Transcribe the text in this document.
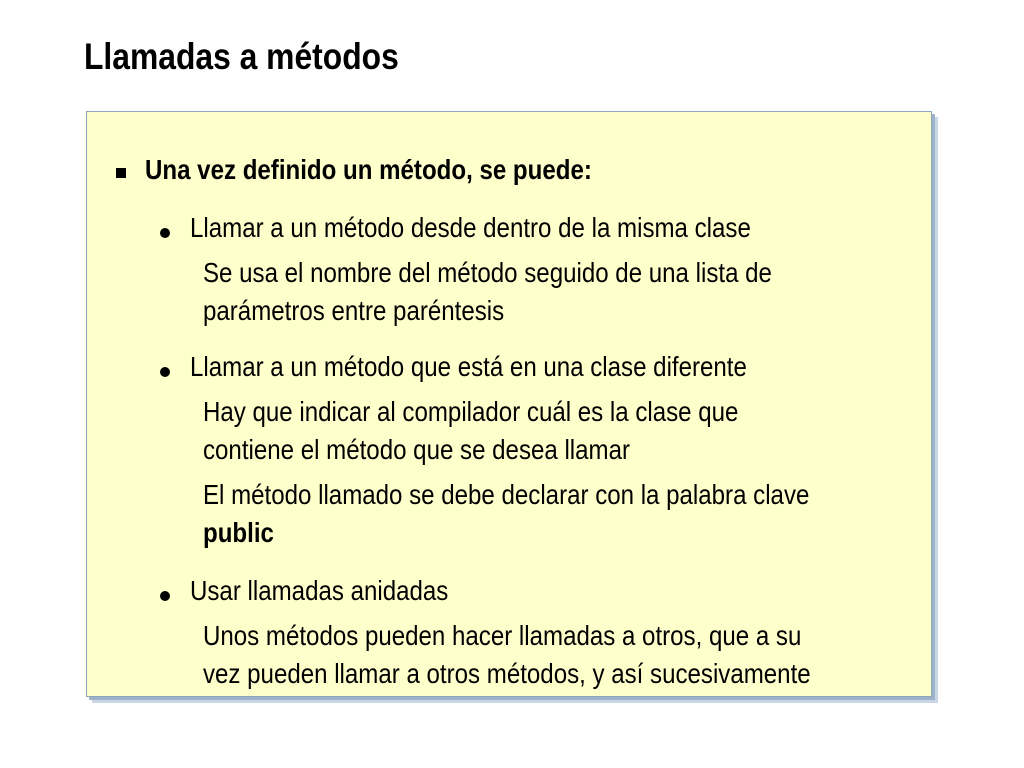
Llamadas a métodos
Una vez definido un método, se puede:
Llamar a un método desde dentro de la misma clase
Se usa el nombre del método seguido de una lista de
parámetros entre paréntesis
Llamar a un método que está en una clase diferente
Hay que indicar al compilador cuál es la clase que
contiene el método que se desea llamar
El método llamado se debe declarar con la palabra clave
public
Usar llamadas anidadas
Unos métodos pueden hacer llamadas a otros, que a su
vez pueden llamar a otros métodos, y así sucesivamente
